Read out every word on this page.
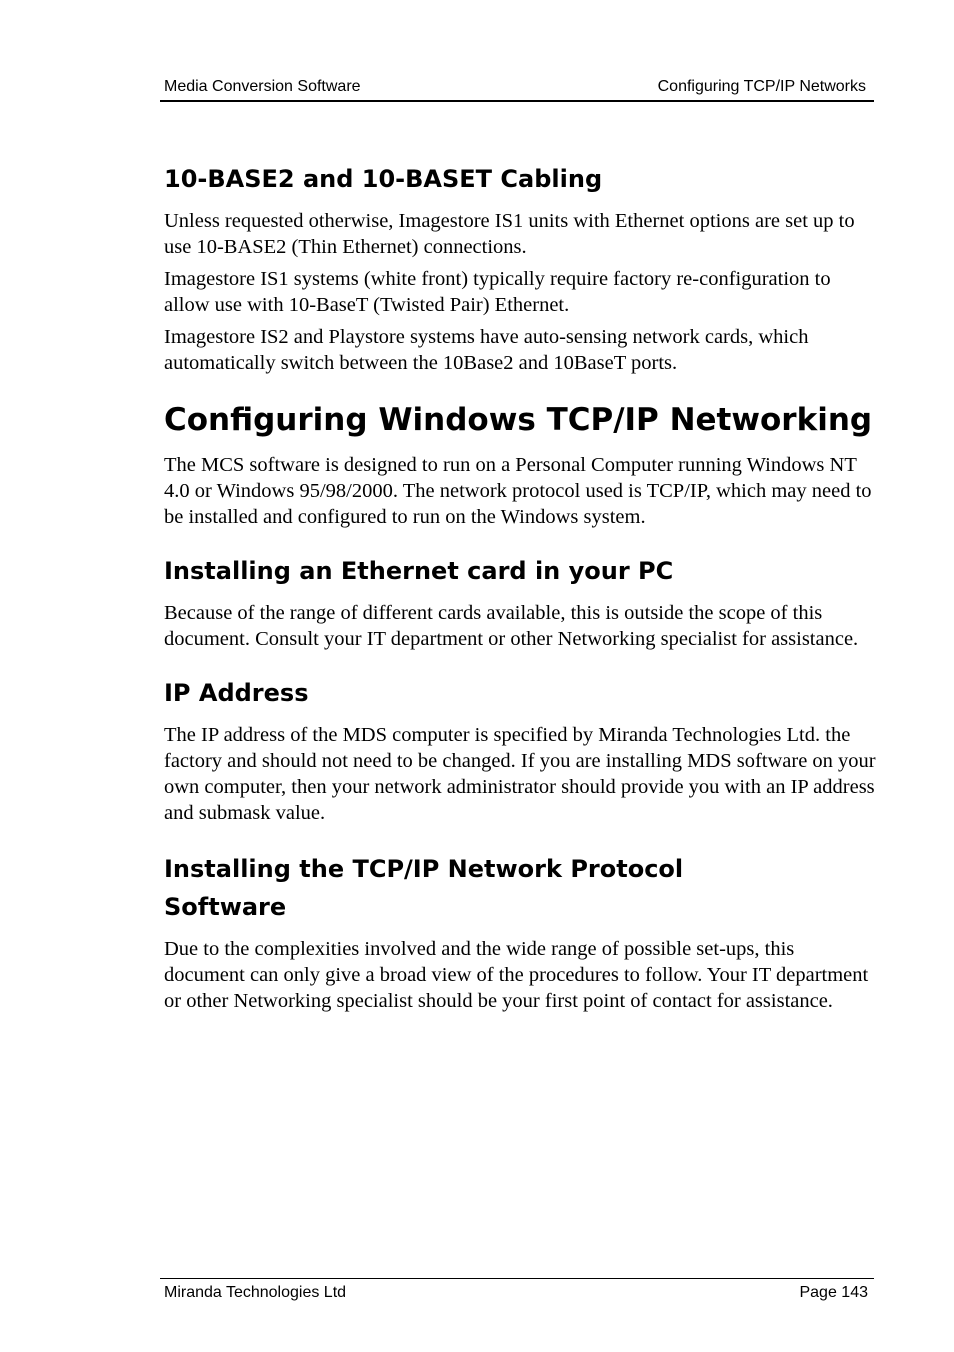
Media Conversion Software	Configuring TCP/IP Networks
10-BASE2 and 10-BASET Cabling

Unless requested otherwise, Imagestore IS1 units with Ethernet options are set up to use 10-BASE2 (Thin Ethernet) connections.

Imagestore IS1 systems (white front) typically require factory re-configuration to allow use with 10-BaseT (Twisted Pair) Ethernet.

Imagestore IS2 and Playstore systems have auto-sensing network cards, which automatically switch between the 10Base2 and 10BaseT ports.

Configuring Windows TCP/IP Networking

The MCS software is designed to run on a Personal Computer running Windows NT 4.0 or Windows 95/98/2000. The network protocol used is TCP/IP, which may need to be installed and configured to run on the Windows system.

Installing an Ethernet card in your PC

Because of the range of different cards available, this is outside the scope of this document. Consult your IT department or other Networking specialist for assistance.

IP Address

The IP address of the MDS computer is specified by Miranda Technologies Ltd. the factory and should not need to be changed. If you are installing MDS software on your own computer, then your network administrator should provide you with an IP address and submask value.

Installing the TCP/IP Network Protocol Software

Due to the complexities involved and the wide range of possible set-ups, this document can only give a broad view of the procedures to follow. Your IT department or other Networking specialist should be your first point of contact for assistance.

Miranda Technologies Ltd	Page 143
